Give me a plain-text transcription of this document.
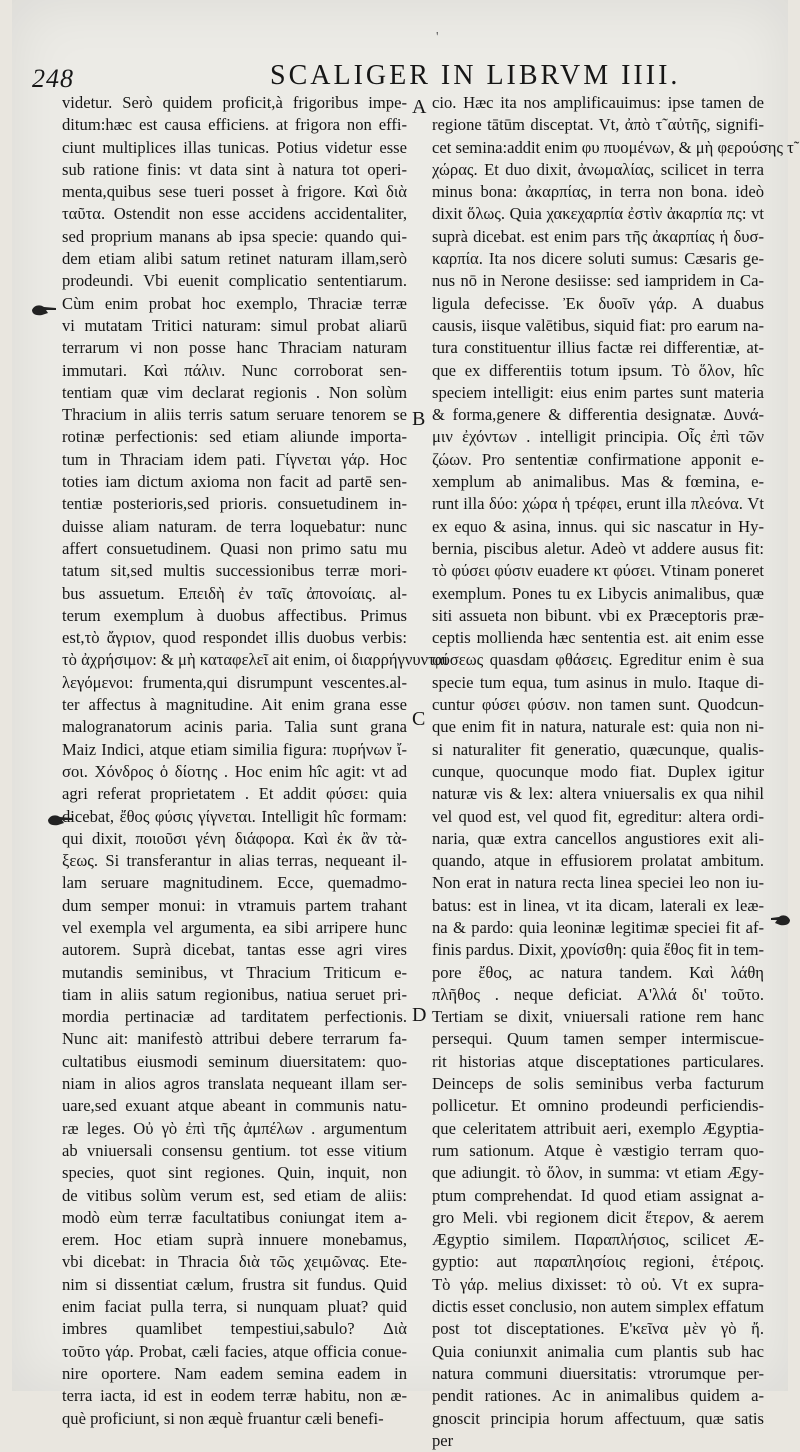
'
248	SCALIGER IN LIBRVM IIII.
videtur. Serò quidem proficit,à frigoribus impe-
ditum:hæc est causa efficiens. at frigora non effi-
ciunt multiplices illas tunicas. Potius videtur esse
sub ratione finis: vt data sint à natura tot operi-
menta,quibus sese tueri posset à frigore. Καὶ διὰ
ταῦτα. Ostendit non esse accidens accidentaliter,
sed proprium manans ab ipsa specie: quando qui-
dem etiam alibi satum retinet naturam illam,serò
prodeundi. Vbi euenit complicatio sententiarum.
Cùm enim probat hoc exemplo, Thraciæ terræ
vi mutatam Tritici naturam: simul probat aliarū
terrarum vi non posse hanc Thraciam naturam
immutari. Καὶ πάλιν. Nunc corroborat sen-
tentiam quæ vim declarat regionis . Non solùm
Thracium in aliis terris satum seruare tenorem se
rotinæ perfectionis: sed etiam aliunde importa-
tum in Thraciam idem pati. Γίγνεται γάρ. Hoc
toties iam dictum axioma non facit ad partē sen-
tentiæ posterioris,sed prioris. consuetudinem in-
duisse aliam naturam. de terra loquebatur: nunc
affert consuetudinem. Quasi non primo satu mu
tatum sit,sed multis successionibus terræ mori-
bus assuetum. Επειδὴ ἐν ταῖς ἀπονοίαις. al-
terum exemplum à duobus affectibus. Primus
est,τὸ ἄγριον, quod respondet illis duobus verbis:
τὸ ἀχρήσιμον: & μὴ καταφελεῖ ait enim, οἱ διαρρήγνυνται
λεγόμενοι: frumenta,qui disrumpunt vescentes.al-
ter affectus à magnitudine. Ait enim grana esse
malogranatorum acinis paria. Talia sunt grana
Maiz Indici, atque etiam similia figura: πυρήνων ἴ-
σοι. Χόνδρος ὁ δίοτης . Hoc enim hîc agit: vt ad
agri referat proprietatem . Et addit φύσει: quia
dicebat, ἔθος φύσις γίγνεται. Intelligit hîc formam:
qui dixit, ποιοῦσι γένη διάφορα. Καὶ ἐκ ἂν τὰ-
ξεως. Si transferantur in alias terras, nequeant il-
lam seruare magnitudinem. Ecce, quemadmo-
dum semper monui: in vtramuis partem trahant
vel exempla vel argumenta, ea sibi arripere hunc
autorem. Suprà dicebat, tantas esse agri vires
mutandis seminibus, vt Thracium Triticum e-
tiam in aliis satum regionibus, natiua seruet pri-
mordia pertinaciæ ad tarditatem perfectionis.
Nunc ait: manifestò attribui debere terrarum fa-
cultatibus eiusmodi seminum diuersitatem: quo-
niam in alios agros translata nequeant illam ser-
uare,sed exuant atque abeant in communis natu-
ræ leges. Οὐ γὸ ἐπὶ τῆς ἀμπέλων . argumentum
ab vniuersali consensu gentium. tot esse vitium
species, quot sint regiones. Quin, inquit, non
de vitibus solùm verum est, sed etiam de aliis:
modò eùm terræ facultatibus coniungat item a-
erem. Hoc etiam suprà innuere monebamus,
vbi dicebat: in Thracia διὰ τῶς χειμῶνας. Ete-
nim si dissentiat cælum, frustra sit fundus. Quid
enim faciat pulla terra, si nunquam pluat? quid
imbres quamlibet tempestiui,sabulo? Διὰ
τοῦτο γάρ. Probat, cæli facies, atque officia conue-
nire oportere. Nam eadem semina eadem in
terra iacta, id est in eodem terræ habitu, non æ-
què proficiunt, si non æquè fruantur cæli benefi-
cio. Hæc ita nos amplificauimus: ipse tamen de
regione tātūm disceptat. Vt, ἀπὸ τ̃ αὐτῆς, signifi-
cet semina:addit enim φυ πυομένων, & μὴ φερούσης τ̃
χώρας. Et duo dixit, ἀνωμαλίας, scilicet in terra
minus bona: ἀκαρπίας, in terra non bona. ideò
dixit ὅλως. Quia χακεχαρπία ἐστὶν ἀκαρπία πς: vt
suprà dicebat. est enim pars τῆς ἀκαρπίας ἡ δυσ-
καρπία. Ita nos dicere soluti sumus: Cæsaris ge-
nus nō in Nerone desiisse: sed iampridem in Ca-
ligula defecisse. Ἐκ δυοῖν γάρ. A duabus
causis, iisque valētibus, siquid fiat: pro earum na-
tura constituentur illius factæ rei differentiæ, at-
que ex differentiis totum ipsum. Τὸ ὅλον, hîc
speciem intelligit: eius enim partes sunt materia
& forma,genere & differentia designatæ. Δυνά-
μιν ἐχόντων . intelligit principia. Οἷς ἐπὶ τῶν
ζώων. Pro sententiæ confirmatione apponit e-
xemplum ab animalibus. Mas & fœmina, e-
runt illa δύο: χώρα ἡ τρέφει, erunt illa πλεόνα. Vt
ex equo & asina, innus. qui sic nascatur in Hy-
bernia, piscibus aletur. Adeò vt addere ausus fit:
τὸ φύσει φύσιν euadere κτ φύσει. Vtinam poneret
exemplum. Pones tu ex Libycis animalibus, quæ
siti assueta non bibunt. vbi ex Præceptoris præ-
ceptis mollienda hæc sententia est. ait enim esse
φύσεως quasdam φθάσεις. Egreditur enim è sua
specie tum equa, tum asinus in mulo. Itaque di-
cuntur φύσει φύσιν. non tamen sunt. Quodcun-
que enim fit in natura, naturale est: quia non ni-
si naturaliter fit generatio, quæcunque, qualis-
cunque, quocunque modo fiat. Duplex igitur
naturæ vis & lex: altera vniuersalis ex qua nihil
vel quod est, vel quod fit, egreditur: altera ordi-
naria, quæ extra cancellos angustiores exit ali-
quando, atque in effusiorem prolatat ambitum.
Non erat in natura recta linea speciei leo non iu-
batus: est in linea, vt ita dicam, laterali ex leæ-
na & pardo: quia leoninæ legitimæ speciei fit af-
finis pardus. Dixit, χρονίσθη: quia ἔθος fit in tem-
pore ἔθος, ac natura tandem. Καὶ λάθη
πλῆθος . neque deficiat. Α'λλά δι' τοῦτο.
Tertiam se dixit, vniuersali ratione rem hanc
persequi. Quum tamen semper intermiscue-
rit historias atque disceptationes particulares.
Deinceps de solis seminibus verba facturum
pollicetur. Et omnino prodeundi perficiendis-
que celeritatem attribuit aeri, exemplo Ægyptia-
rum sationum. Atque è væstigio terram quo-
que adiungit. τὸ ὅλον, in summa: vt etiam Ægy-
ptum comprehendat. Id quod etiam assignat a-
gro Meli. vbi regionem dicit ἕτερον, & aerem
Ægyptio similem. Παραπλήσιος, scilicet Æ-
gyptio: aut παραπλησίοις regioni, ἑτέροις.
Τὸ γάρ. melius dixisset: τὸ οὐ. Vt ex supra-
dictis esset conclusio, non autem simplex effatum
post tot disceptationes. Ε'κεῖνα μὲν γὸ ἤ.
Quia coniunxit animalia cum plantis sub hac
natura communi diuersitatis: vtrorumque per-
pendit rationes. Ac in animalibus quidem a-
gnoscit principia horum affectuum, quæ satis
per
A
B
C
D
